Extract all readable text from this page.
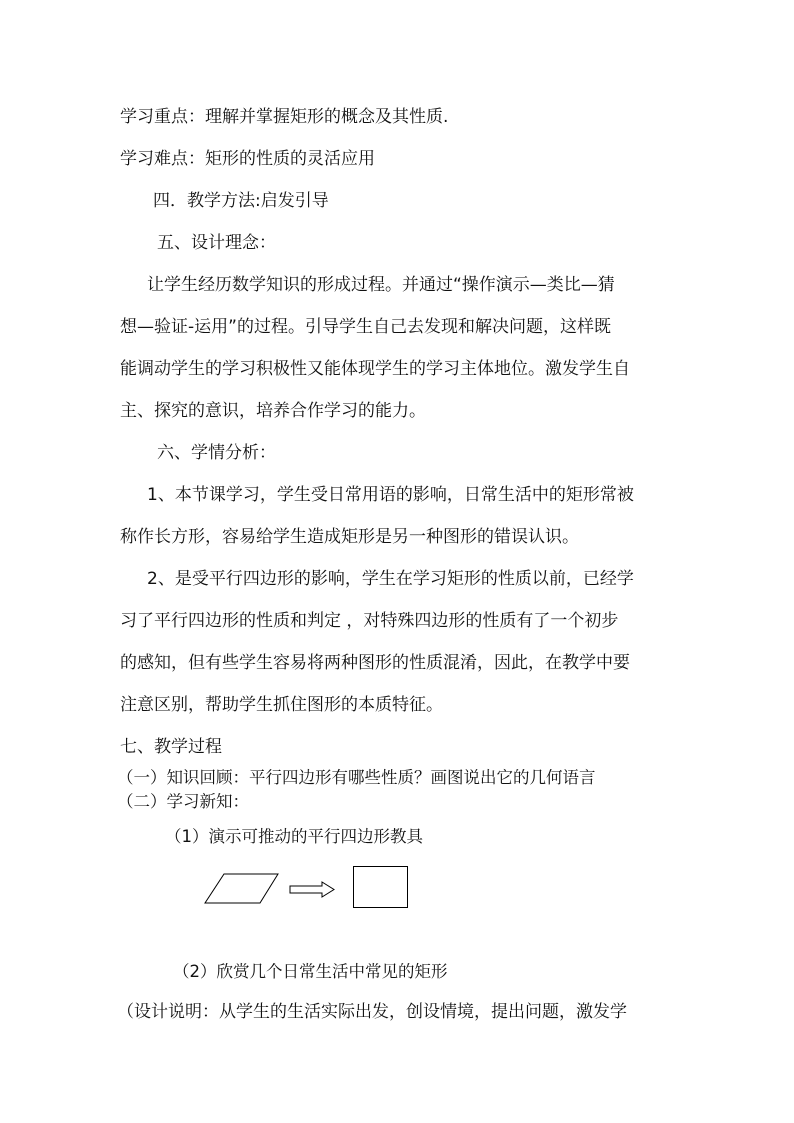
学习重点：理解并掌握矩形的概念及其性质.
学习难点：矩形的性质的灵活应用
四．教学方法:启发引导
五、设计理念：
让学生经历数学知识的形成过程。并通过“操作演示—类比—猜
想—验证-运用”的过程。引导学生自己去发现和解决问题，这样既
能调动学生的学习积极性又能体现学生的学习主体地位。激发学生自
主、探究的意识，培养合作学习的能力。
六、学情分析：
1、本节课学习，学生受日常用语的影响，日常生活中的矩形常被
称作长方形，容易给学生造成矩形是另一种图形的错误认识。
2、是受平行四边形的影响，学生在学习矩形的性质以前，已经学
习了平行四边形的性质和判定 ，对特殊四边形的性质有了一个初步
的感知，但有些学生容易将两种图形的性质混淆，因此，在教学中要
注意区别，帮助学生抓住图形的本质特征。
七、教学过程
（一）知识回顾：平行四边形有哪些性质？画图说出它的几何语言
（二）学习新知：
（1）演示可推动的平行四边形教具
（2）欣赏几个日常生活中常见的矩形
（设计说明：从学生的生活实际出发，创设情境，提出问题，激发学
